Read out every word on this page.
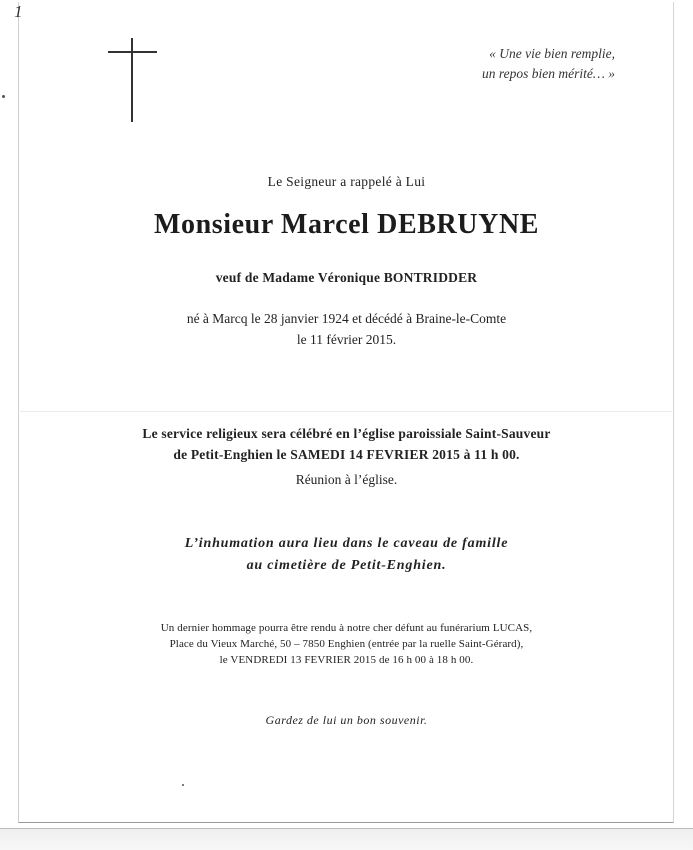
1
« Une vie bien remplie,
un repos bien mérité… »
Le Seigneur a rappelé à Lui
Monsieur Marcel DEBRUYNE
veuf de Madame Véronique BONTRIDDER
né à Marcq le 28 janvier 1924 et décédé à Braine-le-Comte
le 11 février 2015.
Le service religieux sera célébré en l’église paroissiale Saint-Sauveur
de Petit-Enghien le SAMEDI 14 FEVRIER 2015 à 11 h 00.
Réunion à l’église.
L’inhumation aura lieu dans le caveau de famille
au cimetière de Petit-Enghien.
Un dernier hommage pourra être rendu à notre cher défunt au funérarium LUCAS,
Place du Vieux Marché, 50 – 7850 Enghien (entrée par la ruelle Saint-Gérard),
le VENDREDI 13 FEVRIER 2015 de 16 h 00 à 18 h 00.
Gardez de lui un bon souvenir.
